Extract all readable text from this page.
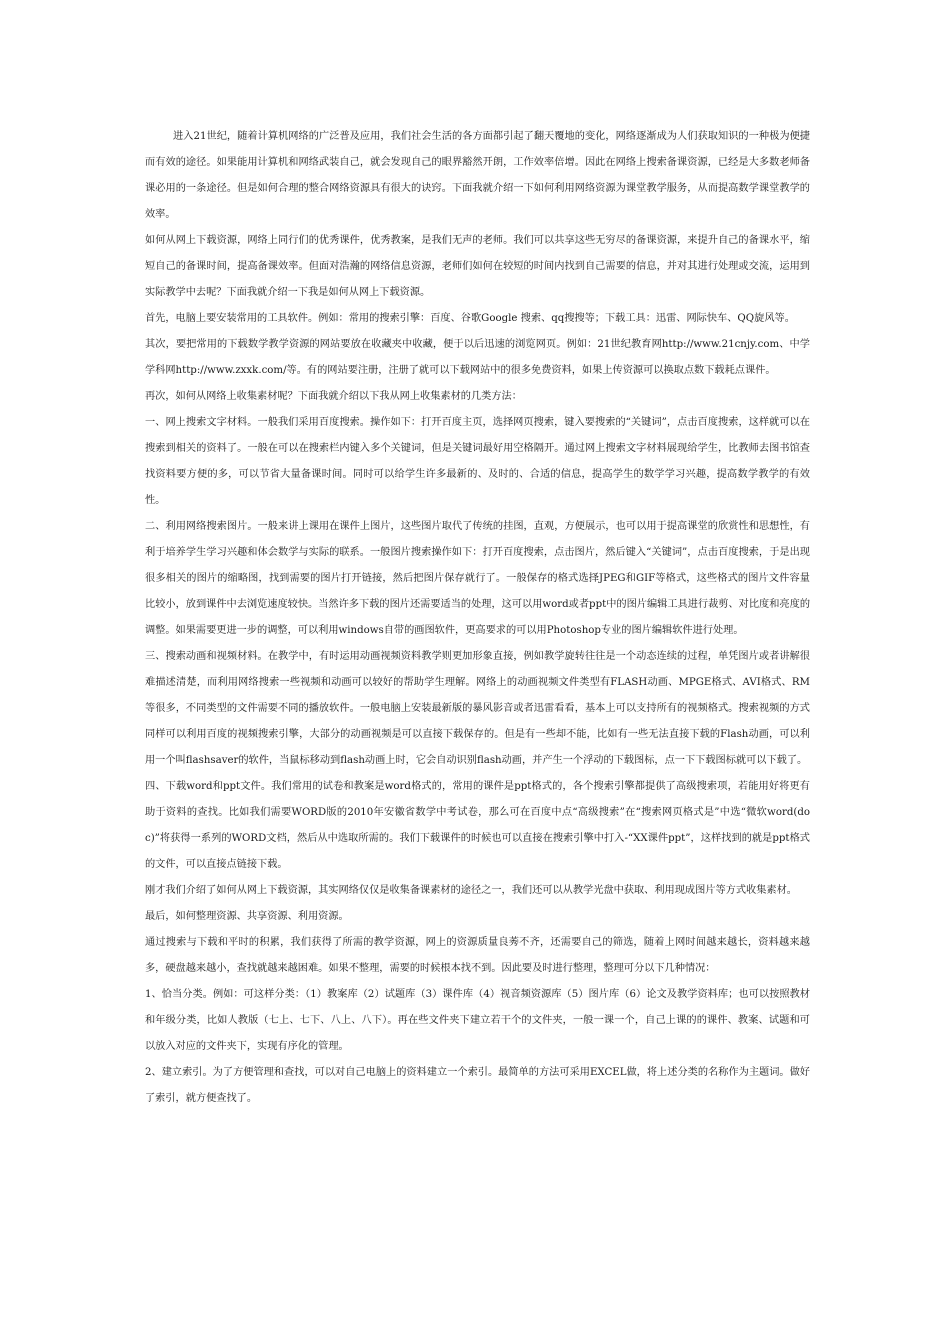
进入21世纪，随着计算机网络的广泛普及应用，我们社会生活的各方面都引起了翻天覆地的变化，网络逐渐成为人们获取知识的一种极为便捷而有效的途径。如果能用计算机和网络武装自己，就会发现自己的眼界豁然开朗，工作效率倍增。因此在网络上搜索备课资源，已经是大多数老师备课必用的一条途径。但是如何合理的整合网络资源具有很大的诀窍。下面我就介绍一下如何利用网络资源为课堂教学服务，从而提高数学课堂教学的效率。

如何从网上下载资源，网络上同行们的优秀课件，优秀教案，是我们无声的老师。我们可以共享这些无穷尽的备课资源，来提升自己的备课水平，缩短自己的备课时间，提高备课效率。但面对浩瀚的网络信息资源，老师们如何在较短的时间内找到自己需要的信息，并对其进行处理或交流，运用到实际教学中去呢？下面我就介绍一下我是如何从网上下载资源。

首先，电脑上要安装常用的工具软件。例如：常用的搜索引擎：百度、谷歌Google 搜索、qq搜搜等；下载工具：迅雷、网际快车、QQ旋风等。

其次，要把常用的下载数学教学资源的网站要放在收藏夹中收藏，便于以后迅速的浏览网页。例如：21世纪教育网http://www.21cnjy.com、中学学科网http://www.zxxk.com/等。有的网站要注册，注册了就可以下载网站中的很多免费资料，如果上传资源可以换取点数下载耗点课件。

再次，如何从网络上收集素材呢？下面我就介绍以下我从网上收集素材的几类方法：

一、网上搜索文字材料。一般我们采用百度搜索。操作如下：打开百度主页，选择网页搜索，键入要搜索的“关键词”，点击百度搜索，这样就可以在搜索到相关的资料了。一般在可以在搜索栏内键入多个关键词，但是关键词最好用空格隔开。通过网上搜索文字材料展现给学生，比教师去图书馆查找资料要方便的多，可以节省大量备课时间。同时可以给学生许多最新的、及时的、合适的信息，提高学生的数学学习兴趣，提高数学教学的有效性。

二、利用网络搜索图片。一般来讲上课用在课件上图片，这些图片取代了传统的挂图，直观，方便展示，也可以用于提高课堂的欣赏性和思想性，有利于培养学生学习兴趣和体会数学与实际的联系。一般图片搜索操作如下：打开百度搜索，点击图片，然后键入“关键词”，点击百度搜索，于是出现很多相关的图片的缩略图，找到需要的图片打开链接，然后把图片保存就行了。一般保存的格式选择JPEG和GIF等格式，这些格式的图片文件容量比较小，放到课件中去浏览速度较快。当然许多下载的图片还需要适当的处理，这可以用word或者ppt中的图片编辑工具进行裁剪、对比度和亮度的调整。如果需要更进一步的调整，可以利用windows自带的画图软件，更高要求的可以用Photoshop专业的图片编辑软件进行处理。

三、搜索动画和视频材料。在教学中，有时运用动画视频资料教学则更加形象直接，例如教学旋转往往是一个动态连续的过程，单凭图片或者讲解很难描述清楚，而利用网络搜索一些视频和动画可以较好的帮助学生理解。网络上的动画视频文件类型有FLASH动画、MPGE格式、AVI格式、RM等很多，不同类型的文件需要不同的播放软件。一般电脑上安装最新版的暴风影音或者迅雷看看，基本上可以支持所有的视频格式。搜索视频的方式同样可以利用百度的视频搜索引擎，大部分的动画视频是可以直接下载保存的。但是有一些却不能，比如有一些无法直接下载的Flash动画，可以利用一个叫flashsaver的软件，当鼠标移动到flash动画上时，它会自动识别flash动画，并产生一个浮动的下载图标，点一下下载图标就可以下载了。

四、下载word和ppt文件。我们常用的试卷和教案是word格式的，常用的课件是ppt格式的，各个搜索引擎都提供了高级搜索项，若能用好将更有助于资料的查找。比如我们需要WORD版的2010年安徽省数学中考试卷，那么可在百度中点“高级搜索”在“搜索网页格式是”中选“微软word(doc)”将获得一系列的WORD文档，然后从中选取所需的。我们下载课件的时候也可以直接在搜索引擎中打入-“XX课件ppt”，这样找到的就是ppt格式的文件，可以直接点链接下载。

刚才我们介绍了如何从网上下载资源，其实网络仅仅是收集备课素材的途径之一，我们还可以从教学光盘中获取、利用现成图片等方式收集素材。

最后，如何整理资源、共享资源、利用资源。

通过搜索与下载和平时的积累，我们获得了所需的教学资源，网上的资源质量良莠不齐，还需要自己的筛选，随着上网时间越来越长，资料越来越多，硬盘越来越小，查找就越来越困难。如果不整理，需要的时候根本找不到。因此要及时进行整理，整理可分以下几种情况：

1、恰当分类。例如：可这样分类：（1）教案库（2）试题库（3）课件库（4）视音频资源库（5）图片库（6）论文及教学资料库；也可以按照教材和年级分类，比如人教版（七上、七下、八上、八下）。再在些文件夹下建立若干个的文件夹，一般一课一个，自己上课的的课件、教案、试题和可以放入对应的文件夹下，实现有序化的管理。

2、建立索引。为了方便管理和查找，可以对自己电脑上的资料建立一个索引。最简单的方法可采用EXCEL做，将上述分类的名称作为主题词。做好了索引，就方便查找了。
